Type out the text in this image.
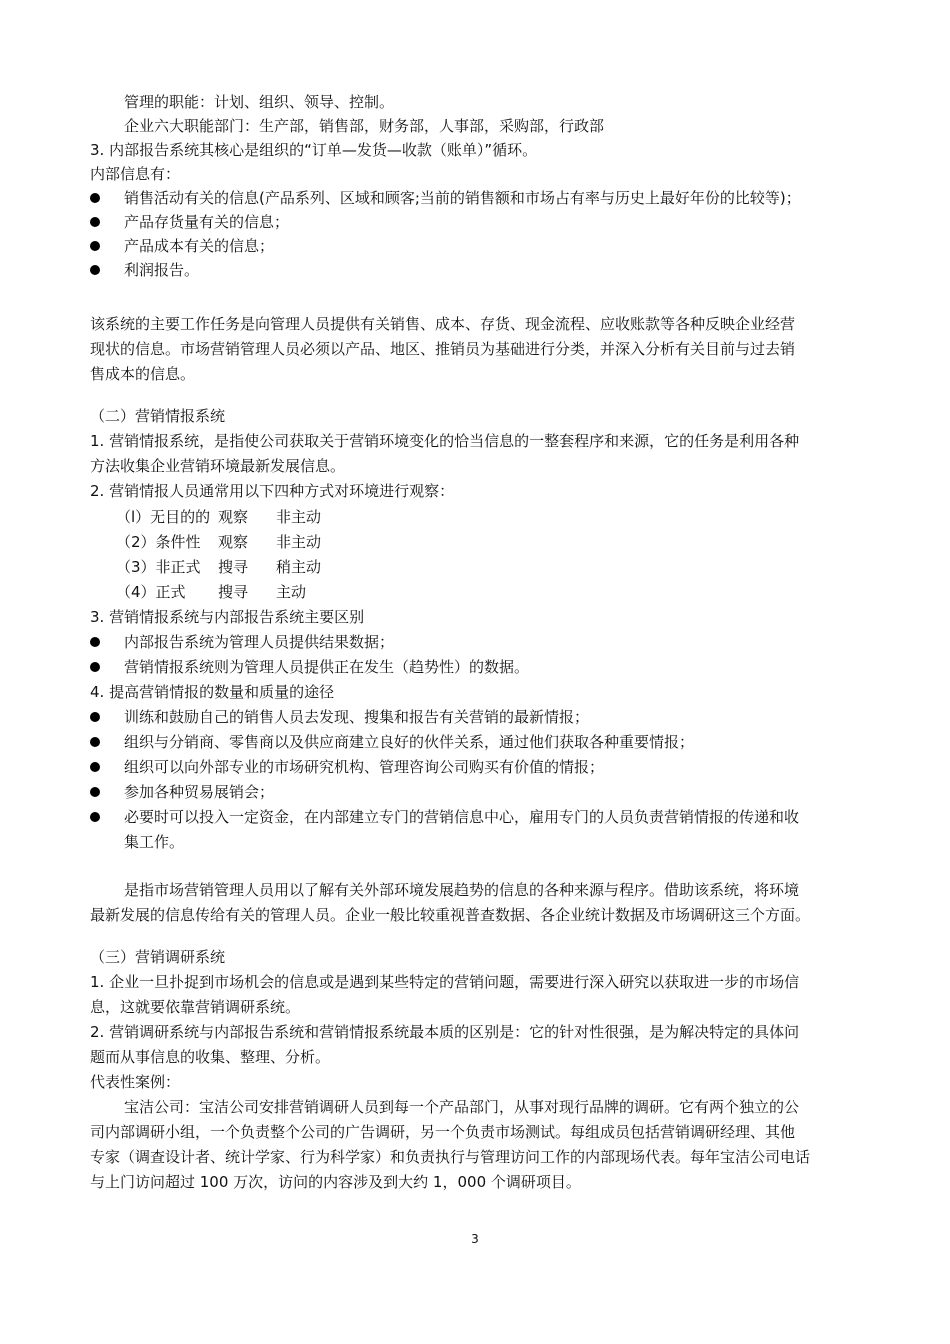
管理的职能：计划、组织、领导、控制。
企业六大职能部门：生产部，销售部，财务部，人事部，采购部，行政部
3. 内部报告系统其核心是组织的“订单—发货—收款（账单）”循环。
内部信息有：
销售活动有关的信息(产品系列、区域和顾客;当前的销售额和市场占有率与历史上最好年份的比较等)；
产品存货量有关的信息；
产品成本有关的信息；
利润报告。
该系统的主要工作任务是向管理人员提供有关销售、成本、存货、现金流程、应收账款等各种反映企业经营
现状的信息。市场营销管理人员必须以产品、地区、推销员为基础进行分类，并深入分析有关目前与过去销
售成本的信息。
（二）营销情报系统
1. 营销情报系统，是指使公司获取关于营销环境变化的恰当信息的一整套程序和来源，它的任务是利用各种
方法收集企业营销环境最新发展信息。
2. 营销情报人员通常用以下四种方式对环境进行观察：
（l）无目的的 观察 非主动
（2）条件性 观察 非主动
（3）非正式 搜寻 稍主动
（4）正式 搜寻 主动
3. 营销情报系统与内部报告系统主要区别
内部报告系统为管理人员提供结果数据；
营销情报系统则为管理人员提供正在发生（趋势性）的数据。
4. 提高营销情报的数量和质量的途径
训练和鼓励自己的销售人员去发现、搜集和报告有关营销的最新情报；
组织与分销商、零售商以及供应商建立良好的伙伴关系，通过他们获取各种重要情报；
组织可以向外部专业的市场研究机构、管理咨询公司购买有价值的情报；
参加各种贸易展销会；
必要时可以投入一定资金，在内部建立专门的营销信息中心，雇用专门的人员负责营销情报的传递和收
集工作。
是指市场营销管理人员用以了解有关外部环境发展趋势的信息的各种来源与程序。借助该系统，将环境
最新发展的信息传给有关的管理人员。企业一般比较重视普查数据、各企业统计数据及市场调研这三个方面。
（三）营销调研系统
1. 企业一旦扑捉到市场机会的信息或是遇到某些特定的营销问题，需要进行深入研究以获取进一步的市场信
息，这就要依靠营销调研系统。
2. 营销调研系统与内部报告系统和营销情报系统最本质的区别是：它的针对性很强，是为解决特定的具体问
题而从事信息的收集、整理、分析。
代表性案例：
宝洁公司：宝洁公司安排营销调研人员到每一个产品部门，从事对现行品牌的调研。它有两个独立的公
司内部调研小组，一个负责整个公司的广告调研，另一个负责市场测试。每组成员包括营销调研经理、其他
专家（调查设计者、统计学家、行为科学家）和负责执行与管理访问工作的内部现场代表。每年宝洁公司电话
与上门访问超过 100 万次，访问的内容涉及到大约 1，000 个调研项目。
3
